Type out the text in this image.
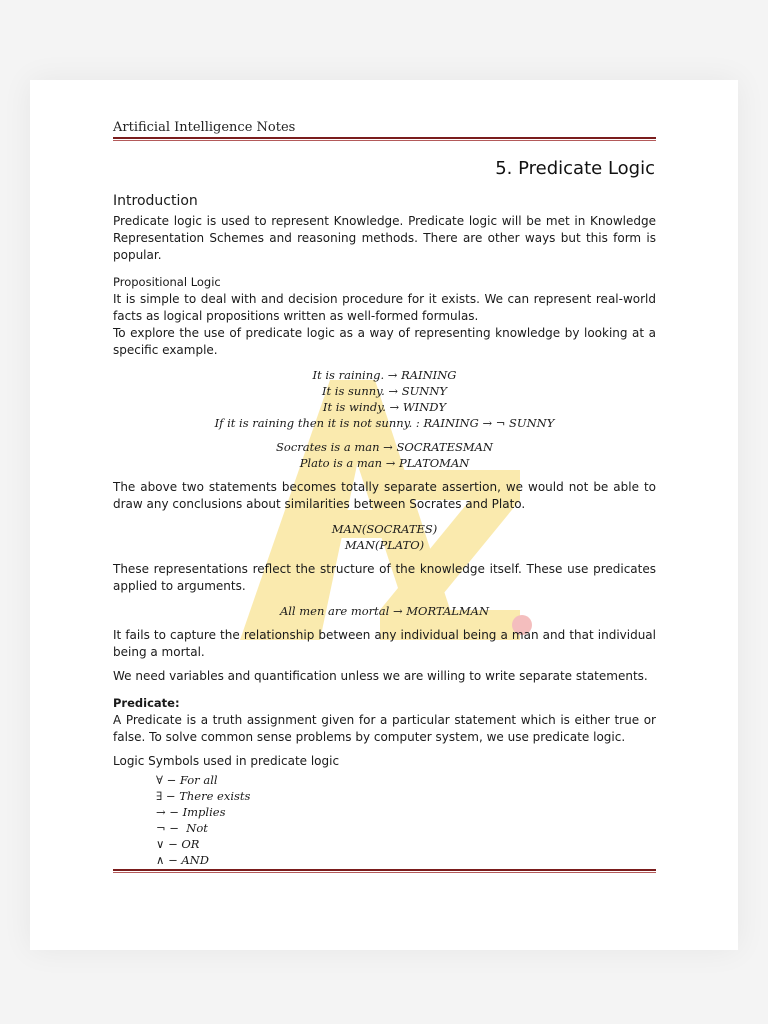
Artificial Intelligence Notes
5. Predicate Logic
Introduction

Predicate logic is used to represent Knowledge. Predicate logic will be met in Knowledge Representation Schemes and reasoning methods. There are other ways but this form is popular.

Propositional Logic

It is simple to deal with and decision procedure for it exists. We can represent real-world facts as logical propositions written as well-formed formulas.

To explore the use of predicate logic as a way of representing knowledge by looking at a specific example.

It is raining. → RAINING
It is sunny. → SUNNY
It is windy. → WINDY
If it is raining then it is not sunny. : RAINING → ¬ SUNNY
Socrates is a man → SOCRATESMAN
Plato is a man → PLATOMAN

The above two statements becomes totally separate assertion, we would not be able to draw any conclusions about similarities between Socrates and Plato.

MAN(SOCRATES)
MAN(PLATO)

These representations reflect the structure of the knowledge itself. These use predicates applied to arguments.

All men are mortal → MORTALMAN

It fails to capture the relationship between any individual being a man and that individual being a mortal.

We need variables and quantification unless we are willing to write separate statements.

Predicate:

A Predicate is a truth assignment given for a particular statement which is either true or false. To solve common sense problems by computer system, we use predicate logic.

Logic Symbols used in predicate logic

∀ − For all
∃ − There exists
→ − Implies
¬ −  Not
∨ − OR
∧ − AND
